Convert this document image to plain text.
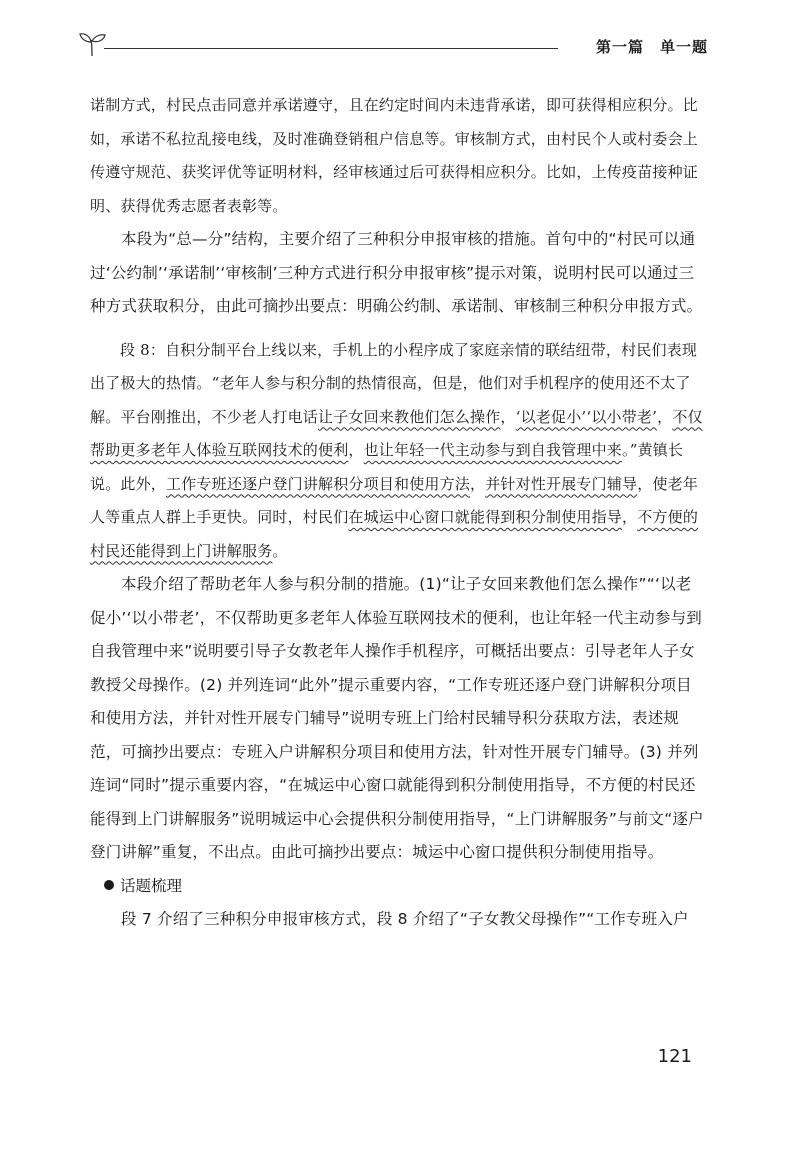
第一篇　单一题

诺制方式，村民点击同意并承诺遵守，且在约定时间内未违背承诺，即可获得相应积分。比如，承诺不私拉乱接电线，及时准确登销租户信息等。审核制方式，由村民个人或村委会上传遵守规范、获奖评优等证明材料，经审核通过后可获得相应积分。比如，上传疫苗接种证明、获得优秀志愿者表彰等。

本段为“总—分”结构，主要介绍了三种积分申报审核的措施。首句中的“村民可以通过‘公约制’‘承诺制’‘审核制’三种方式进行积分申报审核”提示对策，说明村民可以通过三种方式获取积分，由此可摘抄出要点：明确公约制、承诺制、审核制三种积分申报方式。

段 8：自积分制平台上线以来，手机上的小程序成了家庭亲情的联结纽带，村民们表现出了极大的热情。“老年人参与积分制的热情很高，但是，他们对手机程序的使用还不太了解。平台刚推出，不少老人打电话让子女回来教他们怎么操作，‘以老促小’‘以小带老’，不仅帮助更多老年人体验互联网技术的便利，也让年轻一代主动参与到自我管理中来。”黄镇长说。此外，工作专班还逐户登门讲解积分项目和使用方法，并针对性开展专门辅导，使老年人等重点人群上手更快。同时，村民们在城运中心窗口就能得到积分制使用指导，不方便的村民还能得到上门讲解服务。

本段介绍了帮助老年人参与积分制的措施。(1)“让子女回来教他们怎么操作”“‘以老促小’‘以小带老’，不仅帮助更多老年人体验互联网技术的便利，也让年轻一代主动参与到自我管理中来”说明要引导子女教老年人操作手机程序，可概括出要点：引导老年人子女教授父母操作。(2) 并列连词“此外”提示重要内容，“工作专班还逐户登门讲解积分项目和使用方法，并针对性开展专门辅导”说明专班上门给村民辅导积分获取方法，表述规范，可摘抄出要点：专班入户讲解积分项目和使用方法，针对性开展专门辅导。(3) 并列连词“同时”提示重要内容，“在城运中心窗口就能得到积分制使用指导，不方便的村民还能得到上门讲解服务”说明城运中心会提供积分制使用指导，“上门讲解服务”与前文“逐户登门讲解”重复，不出点。由此可摘抄出要点：城运中心窗口提供积分制使用指导。

话题梳理

段 7 介绍了三种积分申报审核方式，段 8 介绍了“子女教父母操作”“工作专班入户

121
